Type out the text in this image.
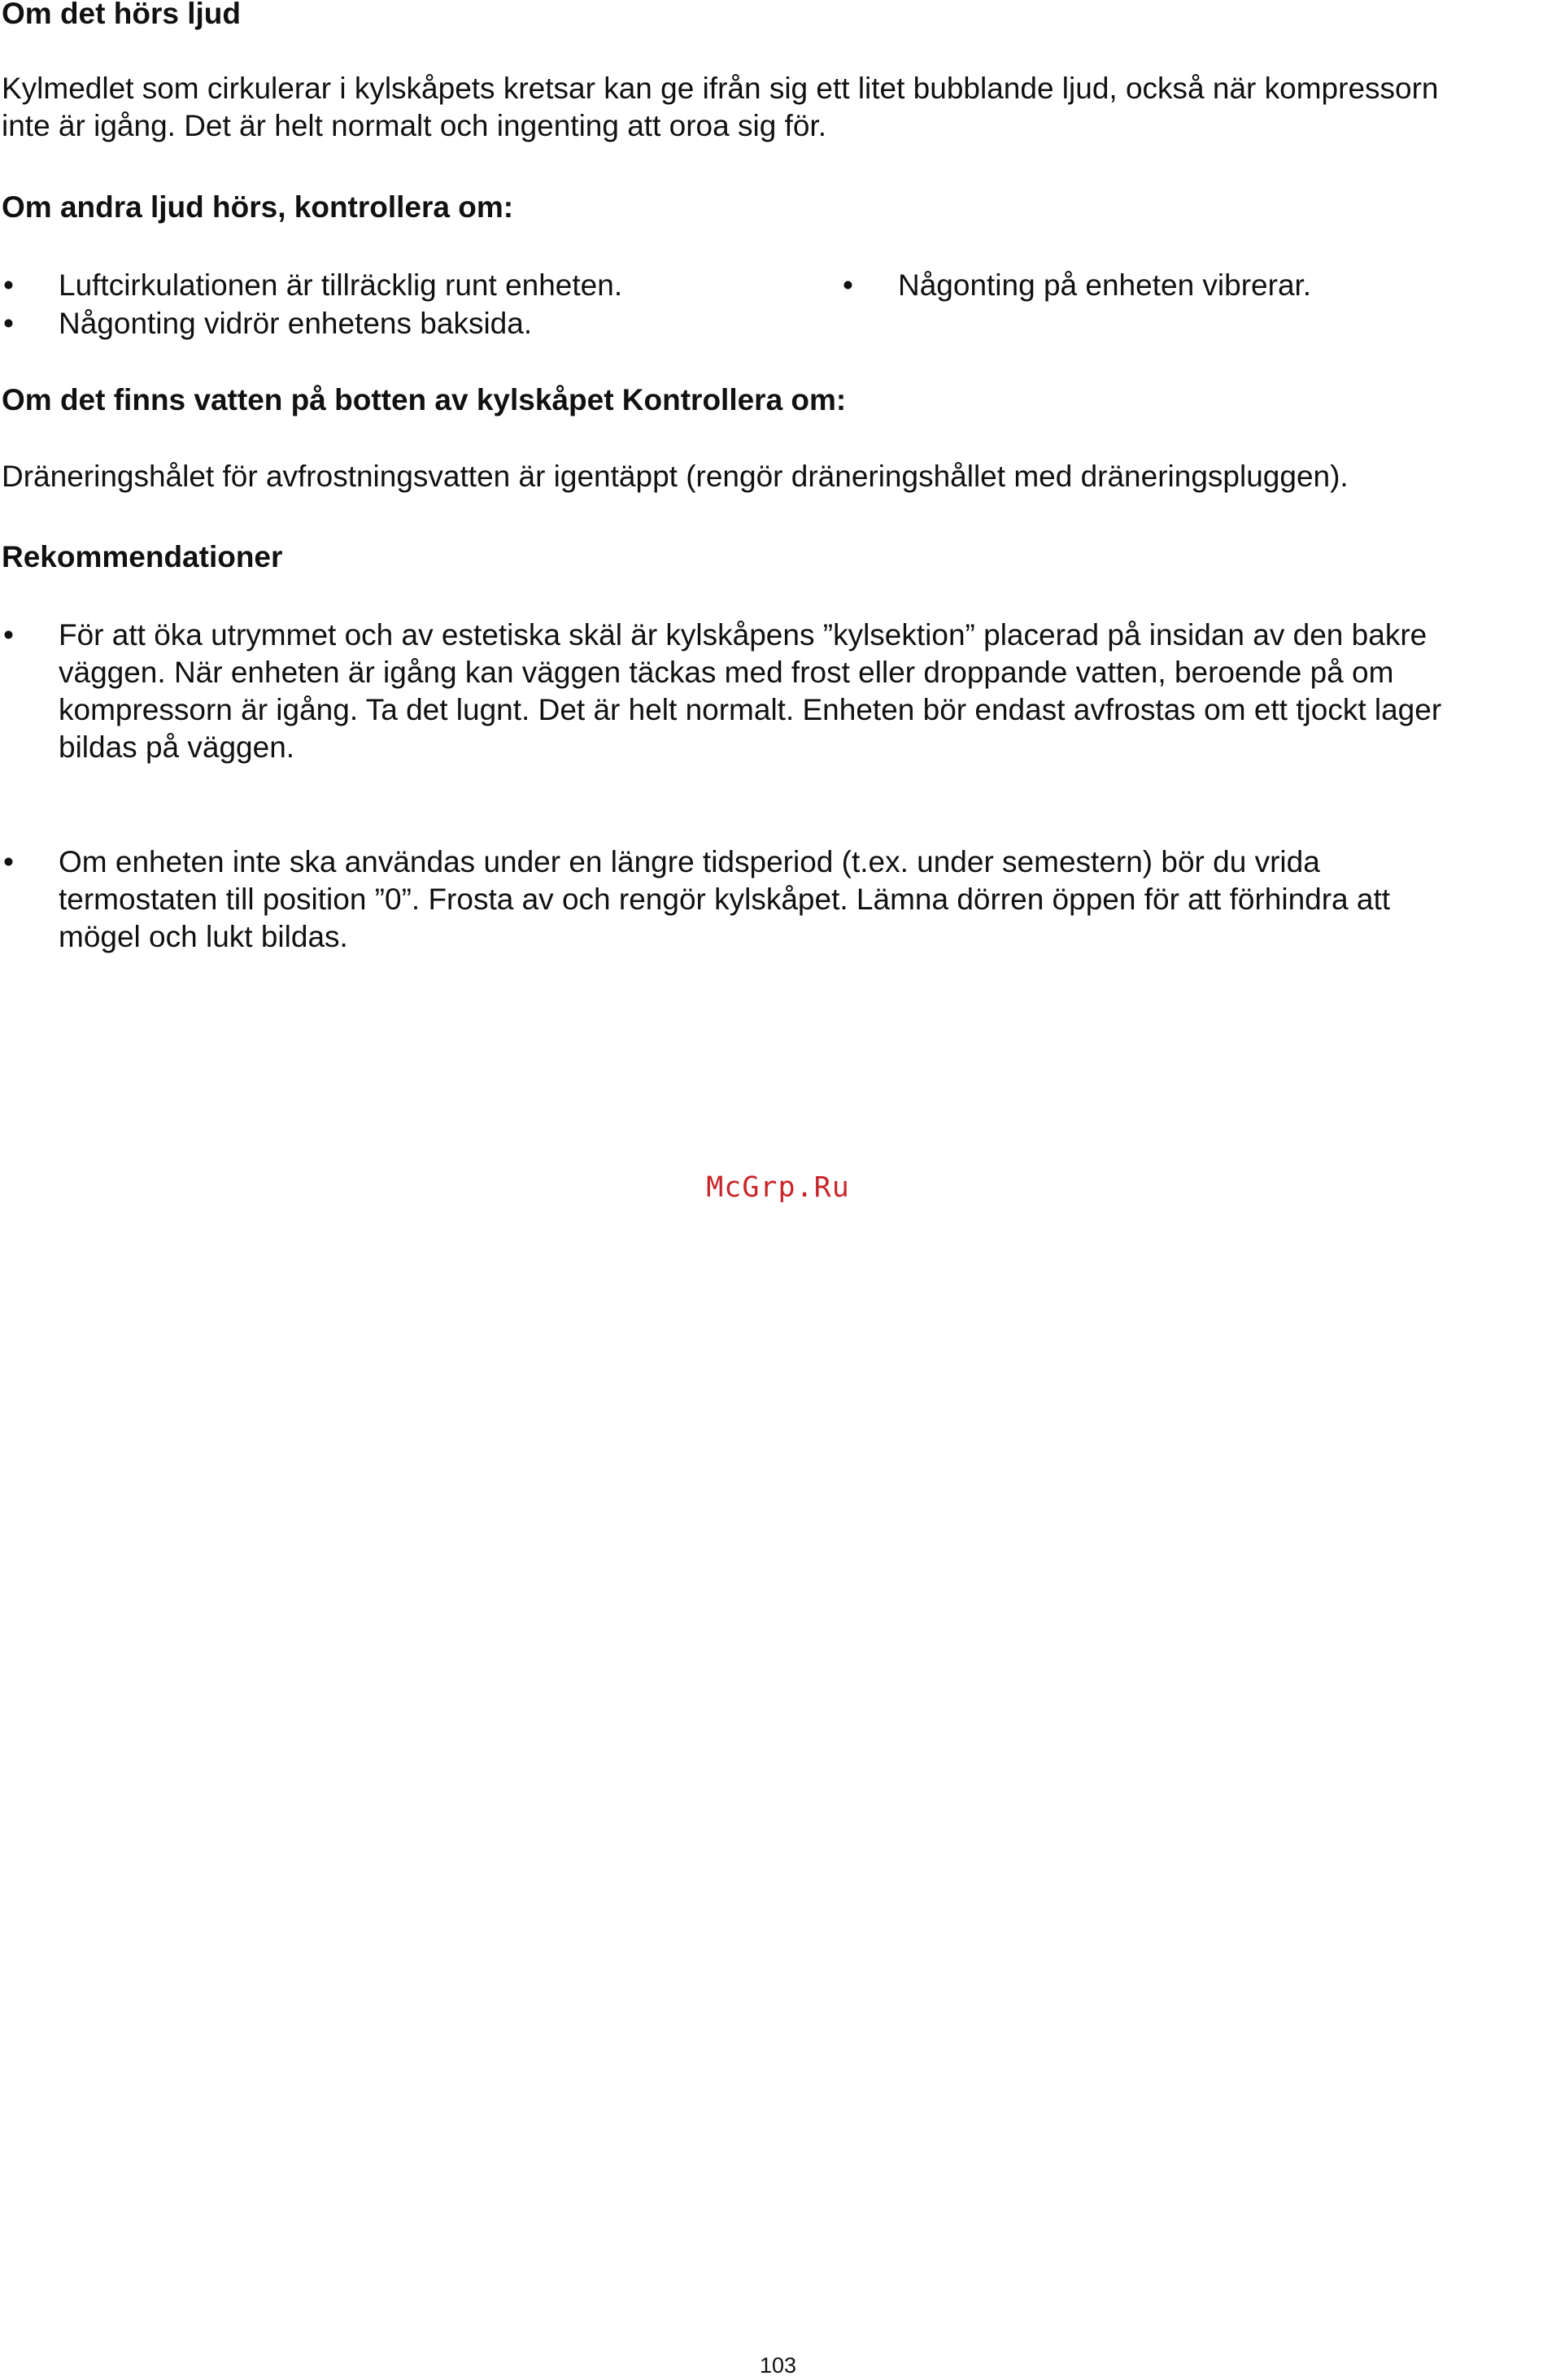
Om det hörs ljud

Kylmedlet som cirkulerar i kylskåpets kretsar kan ge ifrån sig ett litet bubblande ljud, också när kompressorn

inte är igång. Det är helt normalt och ingenting att oroa sig för.

Om andra ljud hörs, kontrollera om:
• Luftcirkulationen är tillräcklig runt enheten.	• Någonting på enheten vibrerar.
• Någonting vidrör enhetens baksida.
Om det finns vatten på botten av kylskåpet Kontrollera om:

Dräneringshålet för avfrostningsvatten är igentäppt (rengör dräneringshållet med dräneringspluggen).

Rekommendationer
• För att öka utrymmet och av estetiska skäl är kylskåpens ”kylsektion” placerad på insidan av den bakre
väggen. När enheten är igång kan väggen täckas med frost eller droppande vatten, beroende på om
kompressorn är igång. Ta det lugnt. Det är helt normalt. Enheten bör endast avfrostas om ett tjockt lager
bildas på väggen.
• Om enheten inte ska användas under en längre tidsperiod (t.ex. under semestern) bör du vrida
termostaten till position ”0”. Frosta av och rengör kylskåpet. Lämna dörren öppen för att förhindra att
mögel och lukt bildas.
McGrp.Ru
103
